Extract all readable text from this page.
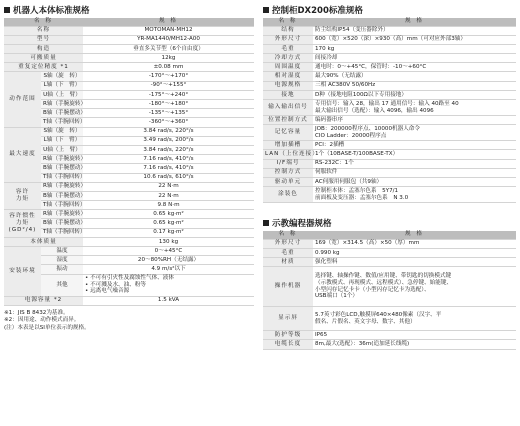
机器人本体标准规格
名 称		规 格
名称		MOTOMAN-MH12
型号		YR-MA1440/MH12-A00
构造		垂直多关节型（6个自由度）
可搬质量		12kg
重复定位精度 *1		±0.08 mm
动作范围	S轴（旋　转）	-170°～+170°
	L轴（下　臂）	-90°～+155°
	U轴（上　臂）	-175°～+240°
	R轴（手腕旋转）	-180°～+180°
	B轴（手腕摆动）	-135°～+135°
	T轴（手腕回转）	-360°～+360°
最大速度	S轴（旋　转）	3.84 rad/s, 220°/s
	L轴（下　臂）	3.49 rad/s, 200°/s
	U轴（上　臂）	3.84 rad/s, 220°/s
	R轴（手腕旋转）	7.16 rad/s, 410°/s
	B轴（手腕摆动）	7.16 rad/s, 410°/s
	T轴（手腕回转）	10.6 rad/s, 610°/s

容许
力矩	R轴（手腕旋转）	22 N·m
	B轴（手腕摆动）	22 N·m
	T轴（手腕回转）	9.8 N·m

容许惯性
力矩
(GD²/4)	R轴（手腕旋转）	0.65 kg·m²
	B轴（手腕摆动）	0.65 kg·m²
	T轴（手腕回转）	0.17 kg·m²
本体质量		130 kg
安装环境	温度	0～+45°C
	湿度	20～80%RH（无结露）
	振动	4.9 m/s²以下
	其他	• 不可有引火性及腐蚀性气体、液体
• 不可溅及水、油、粉等
• 远离电气噪音源

电源容量 *2		1.5 kVA
※1：JIS B 8432为基准。
※2：因用途、动作模式而异。
(注）本表是以SI单位表示的规格。
控制柜DX200标准规格
名 称	规 格
结构	防尘结构IP54（变压器除外）
外形尺寸	600（宽）×520（深）×930（高）mm（可对应外部3轴）
毛重	170 kg
冷却方式	间接冷却
周围温度	通电时：0～+45°C，保管时：-10～+60°C
相对湿度	最大90%（无结露）
电源规格	三相 AC380V 50/60Hz
接地	D种（接地电阻100Ω以下专用接地）
输入输出信号	专用信号：输入 28，输出 17 通用信号：输入 40路至 40
最大输出信号（选配）：输入 4096，输出 4096

位置控制方式	编码器串序
记忆容量	JOB：200000程序点、10000机器人命令
CIO Ladder：20000程序点

增加插槽	PCI：2插槽
LAN（上位连接）	1个（10BASE-T/100BASE-TX）
I/F端号	RS-232C：1个
控制方式	伺服软件
驱动单元	AC伺服用伺服包（共9轴）
涂装色	控制柜本体：孟塞尔色系　5Y7/1
前面板及变压器：孟塞尔色系　N 3.0
示教编程器规格
名 称	规 格
外形尺寸	169（宽）×314.5（高）×50（厚）mm
毛重	0.990 kg
材质	强化塑料
操作机器	选择键、轴操作键、数值/应用键、带钥匙的切换模式键
（示教模式、再现模式、远程模式）、急停键、始能键、
小型闪存记忆卡卡（小型闪存记忆卡为选配）、
USB端口（1个）

显示屏	5.7英寸彩色LCD,触摸屏640×480像素（汉字、平
假名、片假名、英文字母、数字、其他）

防护等级	IP65
电缆长度	8m,最大(选配）：36m(追加延长线缆)
